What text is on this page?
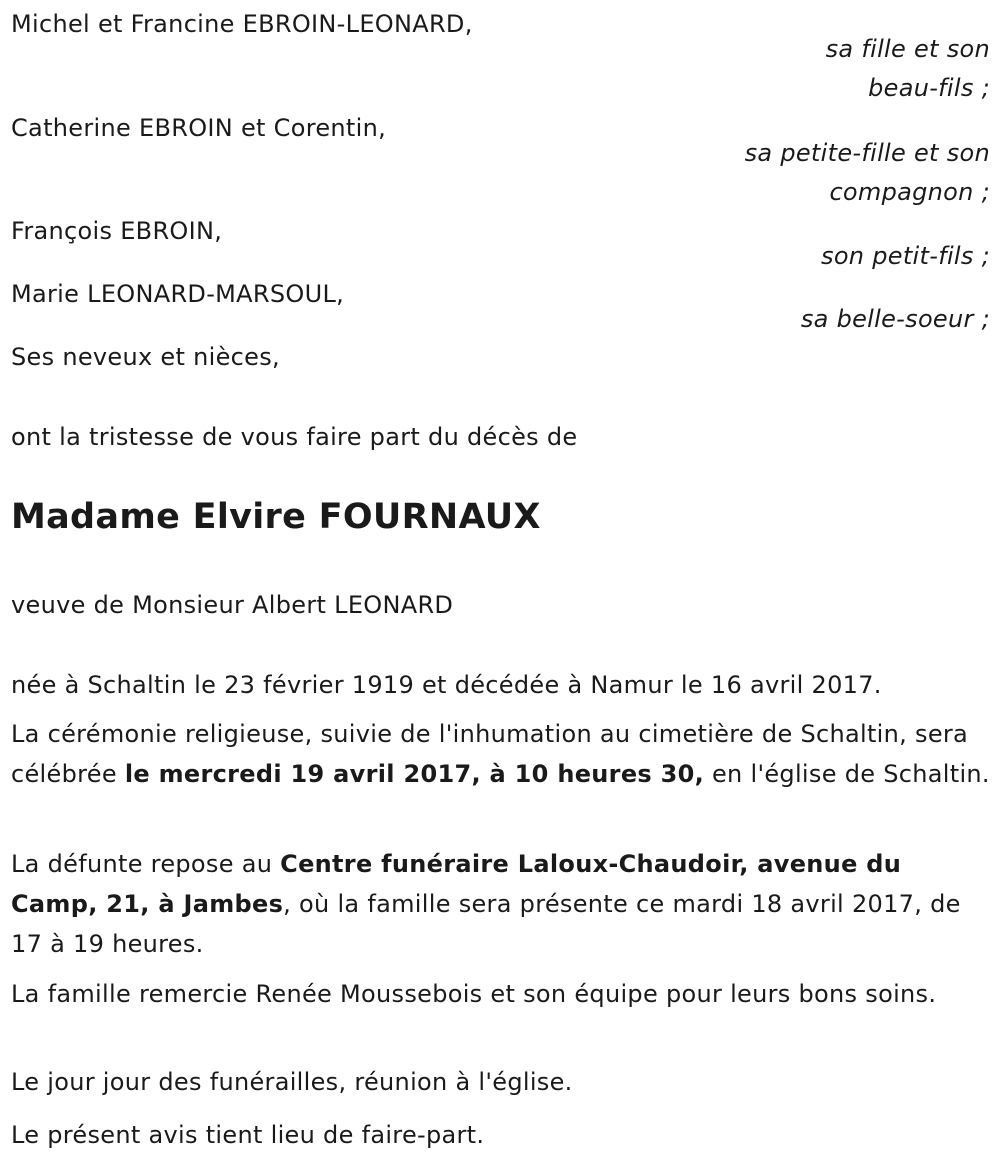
Michel et Francine EBROIN-LEONARD,
sa fille et son
beau-fils ;
Catherine EBROIN et Corentin,
sa petite-fille et son
compagnon ;
François EBROIN,
son petit-fils ;
Marie LEONARD-MARSOUL,
sa belle-soeur ;
Ses neveux et nièces,
ont la tristesse de vous faire part du décès de
Madame Elvire FOURNAUX
veuve de Monsieur Albert LEONARD
née à Schaltin le 23 février 1919 et décédée à Namur le 16 avril 2017.
La cérémonie religieuse, suivie de l'inhumation au cimetière de Schaltin, sera célébrée le mercredi 19 avril 2017, à 10 heures 30, en l'église de Schaltin.
La défunte repose au Centre funéraire Laloux-Chaudoir, avenue du Camp, 21, à Jambes, où la famille sera présente ce mardi 18 avril 2017, de 17 à 19 heures.
La famille remercie Renée Moussebois et son équipe pour leurs bons soins.
Le jour jour des funérailles, réunion à l'église.
Le présent avis tient lieu de faire-part.
